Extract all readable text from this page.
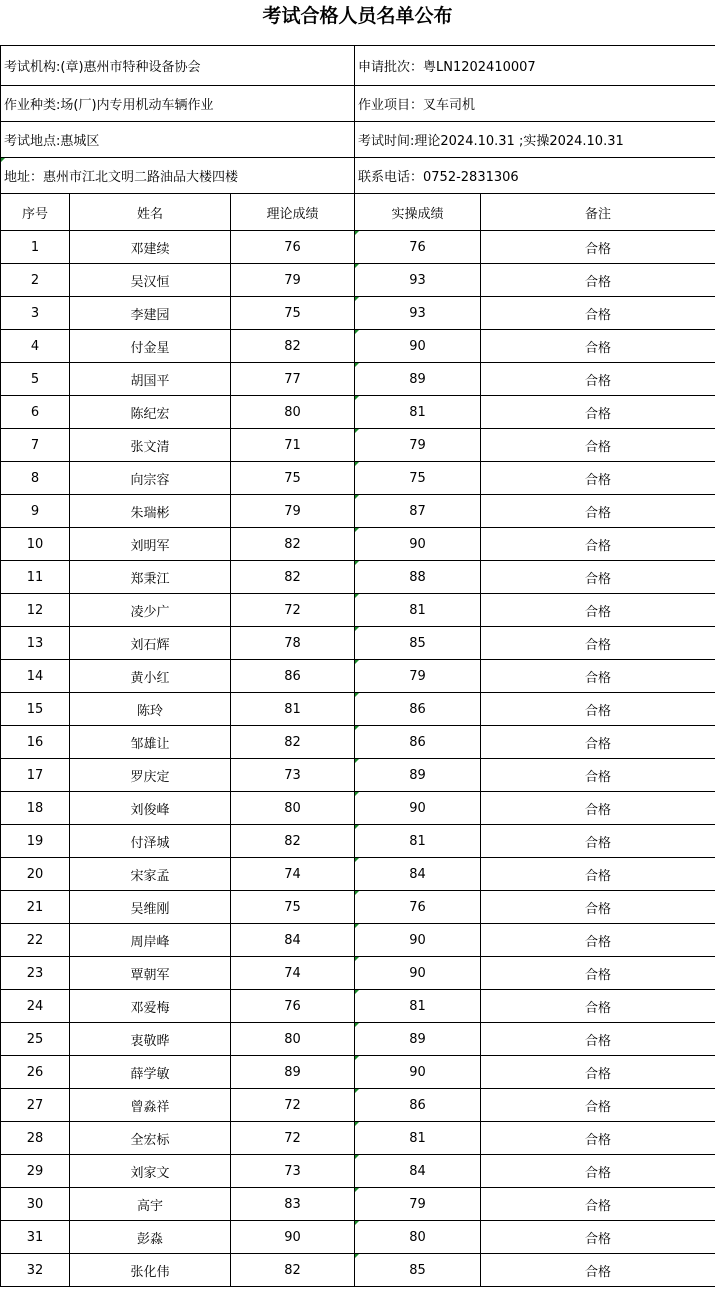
考试合格人员名单公布
考试机构:(章)惠州市特种设备协会			申请批次：粤LN1202410007	
作业种类:场(厂)内专用机动车辆作业			作业项目：叉车司机	
考试地点:惠城区			考试时间:理论2024.10.31 ;实操2024.10.31	
地址：惠州市江北文明二路油品大楼四楼			联系电话：0752-2831306	
序号	姓名	理论成绩	实操成绩	备注
1	邓建续	76	76	合格
2	吴汉恒	79	93	合格
3	李建园	75	93	合格
4	付金星	82	90	合格
5	胡国平	77	89	合格
6	陈纪宏	80	81	合格
7	张文清	71	79	合格
8	向宗容	75	75	合格
9	朱瑞彬	79	87	合格
10	刘明军	82	90	合格
11	郑秉江	82	88	合格
12	凌少广	72	81	合格
13	刘石辉	78	85	合格
14	黄小红	86	79	合格
15	陈玲	81	86	合格
16	邹雄让	82	86	合格
17	罗庆定	73	89	合格
18	刘俊峰	80	90	合格
19	付泽城	82	81	合格
20	宋家孟	74	84	合格
21	吴维刚	75	76	合格
22	周岸峰	84	90	合格
23	覃朝军	74	90	合格
24	邓爱梅	76	81	合格
25	衷敬晔	80	89	合格
26	薛学敏	89	90	合格
27	曾淼祥	72	86	合格
28	全宏标	72	81	合格
29	刘家文	73	84	合格
30	高宇	83	79	合格
31	彭淼	90	80	合格
32	张化伟	82	85	合格
